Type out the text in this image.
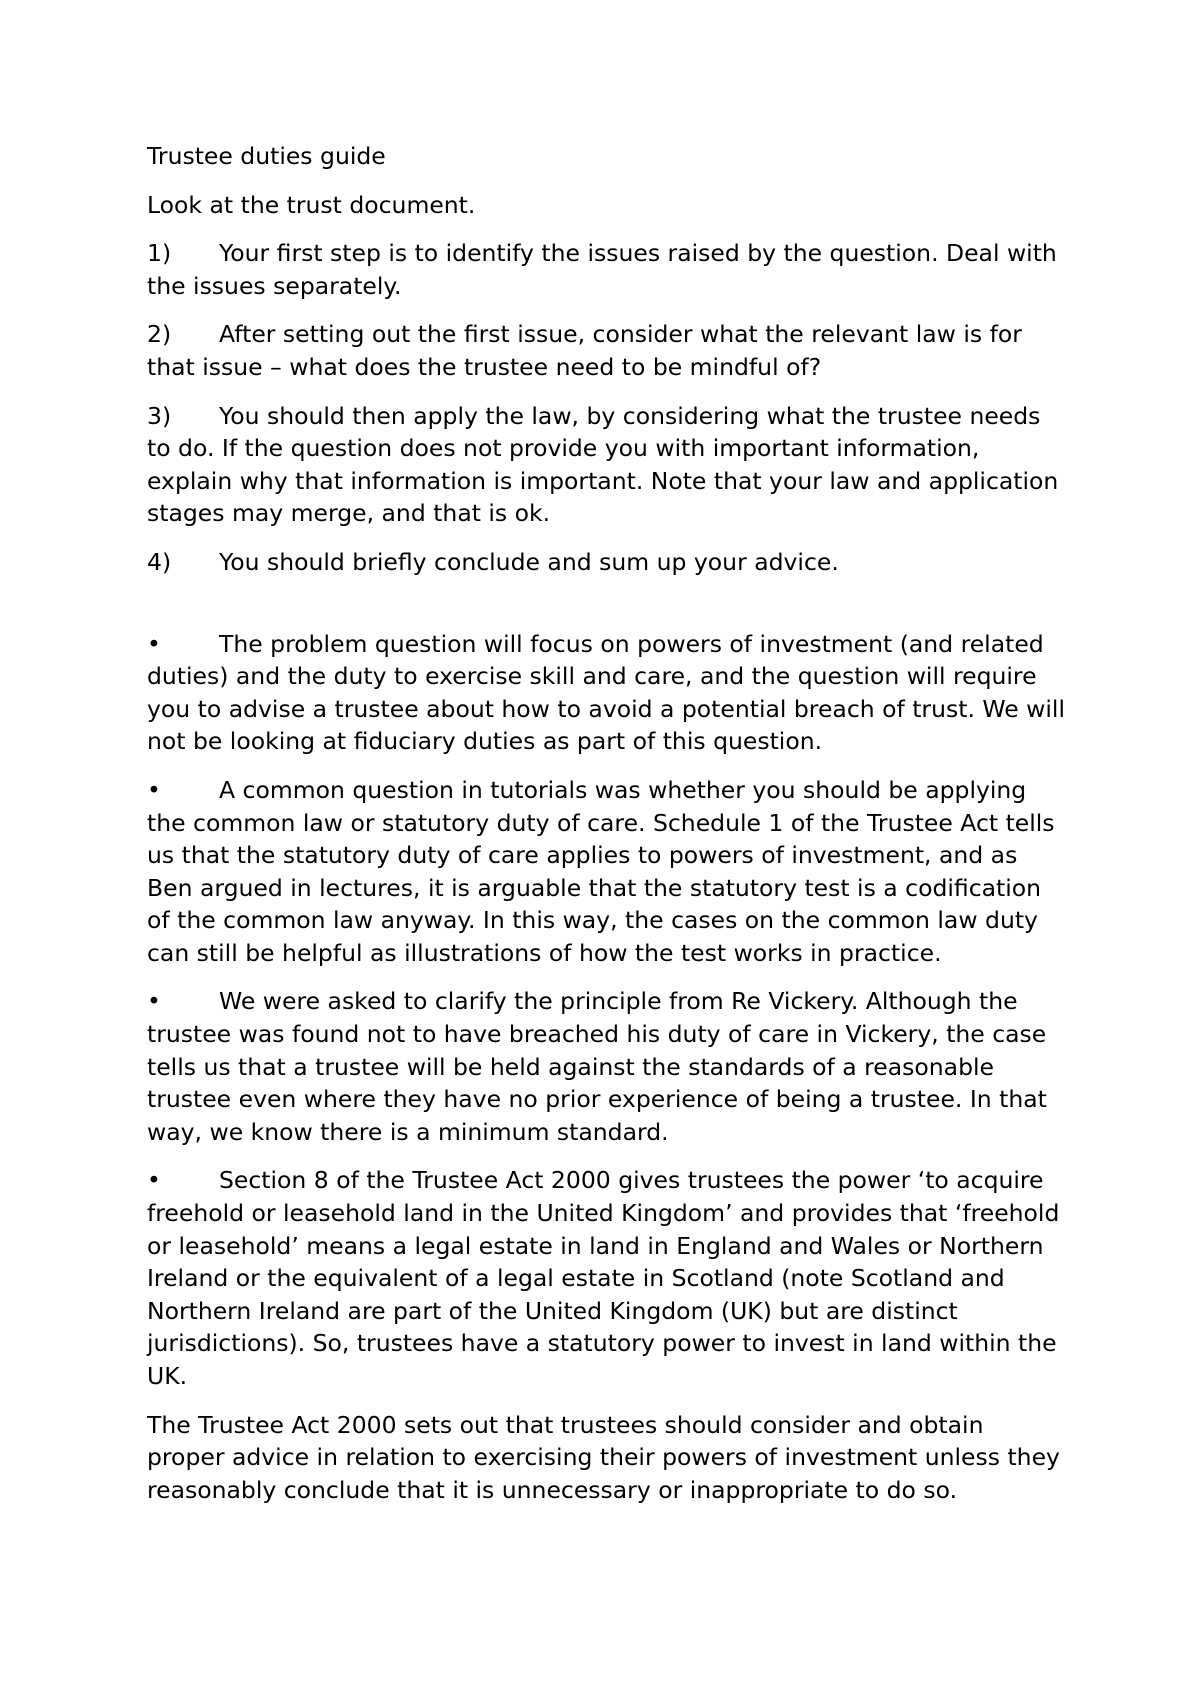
Trustee duties guide

Look at the trust document.

1) Your first step is to identify the issues raised by the question. Deal with the issues separately.

2) After setting out the first issue, consider what the relevant law is for that issue – what does the trustee need to be mindful of?

3) You should then apply the law, by considering what the trustee needs to do. If the question does not provide you with important information, explain why that information is important. Note that your law and application stages may merge, and that is ok.

4) You should briefly conclude and sum up your advice.

• The problem question will focus on powers of investment (and related duties) and the duty to exercise skill and care, and the question will require you to advise a trustee about how to avoid a potential breach of trust. We will not be looking at fiduciary duties as part of this question.

• A common question in tutorials was whether you should be applying the common law or statutory duty of care. Schedule 1 of the Trustee Act tells us that the statutory duty of care applies to powers of investment, and as Ben argued in lectures, it is arguable that the statutory test is a codification of the common law anyway. In this way, the cases on the common law duty can still be helpful as illustrations of how the test works in practice.

• We were asked to clarify the principle from Re Vickery. Although the trustee was found not to have breached his duty of care in Vickery, the case tells us that a trustee will be held against the standards of a reasonable trustee even where they have no prior experience of being a trustee. In that way, we know there is a minimum standard.

• Section 8 of the Trustee Act 2000 gives trustees the power ‘to acquire freehold or leasehold land in the United Kingdom’ and provides that ‘freehold or leasehold’ means a legal estate in land in England and Wales or Northern Ireland or the equivalent of a legal estate in Scotland (note Scotland and Northern Ireland are part of the United Kingdom (UK) but are distinct jurisdictions). So, trustees have a statutory power to invest in land within the UK.

The Trustee Act 2000 sets out that trustees should consider and obtain proper advice in relation to exercising their powers of investment unless they reasonably conclude that it is unnecessary or inappropriate to do so.
